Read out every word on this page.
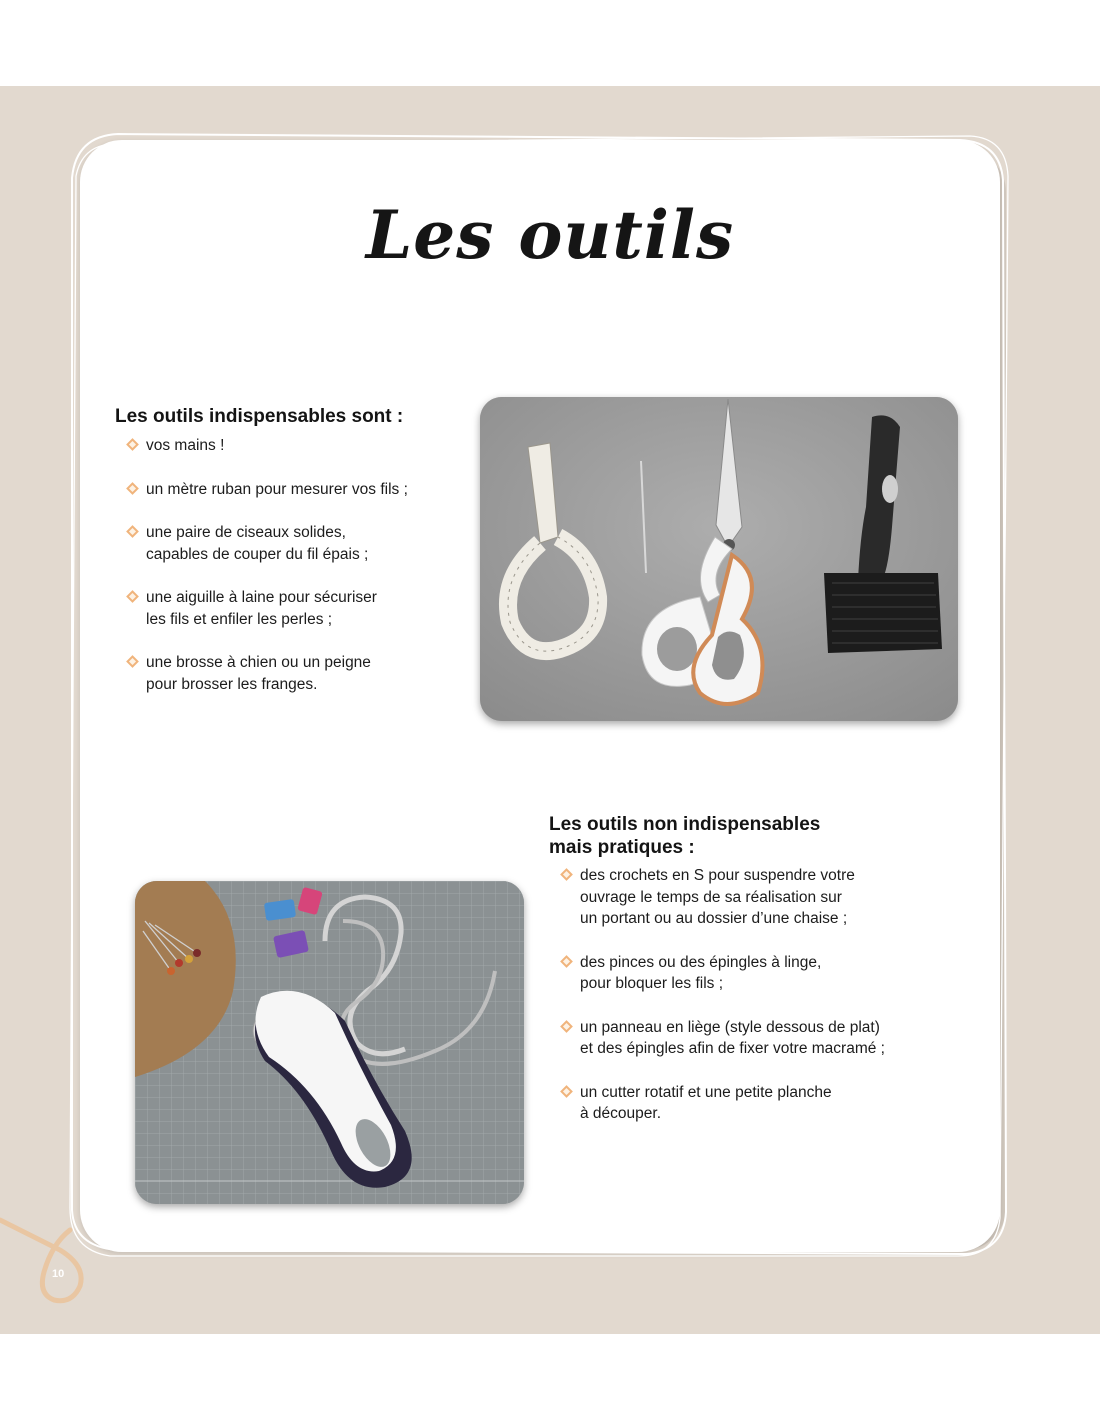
Les outils
Les outils indispensables sont :
vos mains !
un mètre ruban pour mesurer vos fils ;
une paire de ciseaux solides,
capables de couper du fil épais ;
une aiguille à laine pour sécuriser
les fils et enfiler les perles ;
une brosse à chien ou un peigne
pour brosser les franges.
Les outils non indispensables
mais pratiques :
des crochets en S pour suspendre votre
ouvrage le temps de sa réalisation sur
un portant ou au dossier d’une chaise ;
des pinces ou des épingles à linge,
pour bloquer les fils ;
un panneau en liège (style dessous de plat)
et des épingles afin de fixer votre macramé ;
un cutter rotatif et une petite planche
à découper.
10
